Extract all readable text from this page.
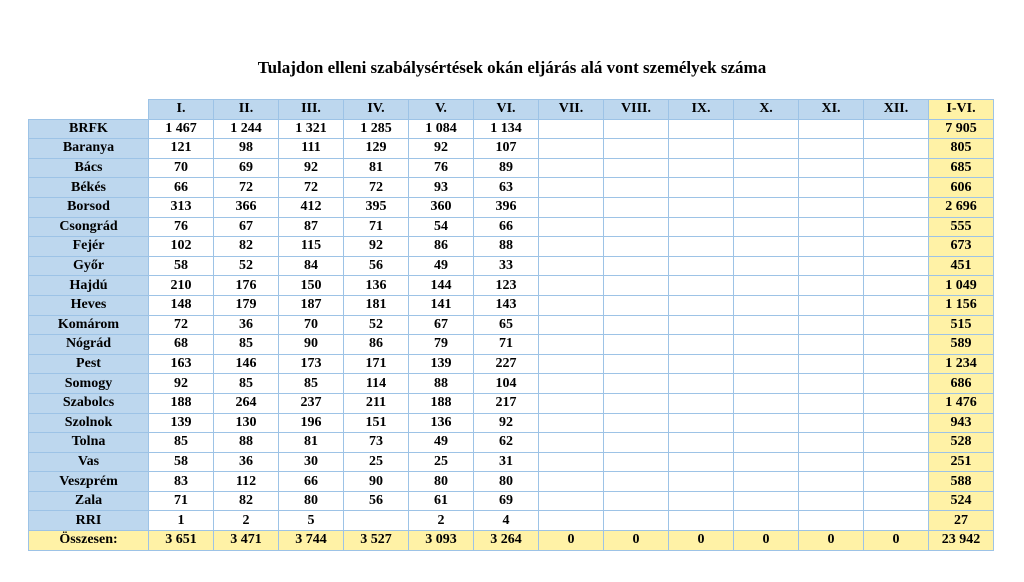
Tulajdon elleni szabálysértések okán eljárás alá vont személyek száma
	I.	II.	III.	IV.	V.	VI.	VII.	VIII.	IX.	X.	XI.	XII.	I-VI.
BRFK	1 467	1 244	1 321	1 285	1 084	1 134							7 905
Baranya	121	98	111	129	92	107							805
Bács	70	69	92	81	76	89							685
Békés	66	72	72	72	93	63							606
Borsod	313	366	412	395	360	396							2 696
Csongrád	76	67	87	71	54	66							555
Fejér	102	82	115	92	86	88							673
Győr	58	52	84	56	49	33							451
Hajdú	210	176	150	136	144	123							1 049
Heves	148	179	187	181	141	143							1 156
Komárom	72	36	70	52	67	65							515
Nógrád	68	85	90	86	79	71							589
Pest	163	146	173	171	139	227							1 234
Somogy	92	85	85	114	88	104							686
Szabolcs	188	264	237	211	188	217							1 476
Szolnok	139	130	196	151	136	92							943
Tolna	85	88	81	73	49	62							528
Vas	58	36	30	25	25	31							251
Veszprém	83	112	66	90	80	80							588
Zala	71	82	80	56	61	69							524
RRI	1	2	5		2	4							27
Összesen:	3 651	3 471	3 744	3 527	3 093	3 264	0	0	0	0	0	0	23 942
